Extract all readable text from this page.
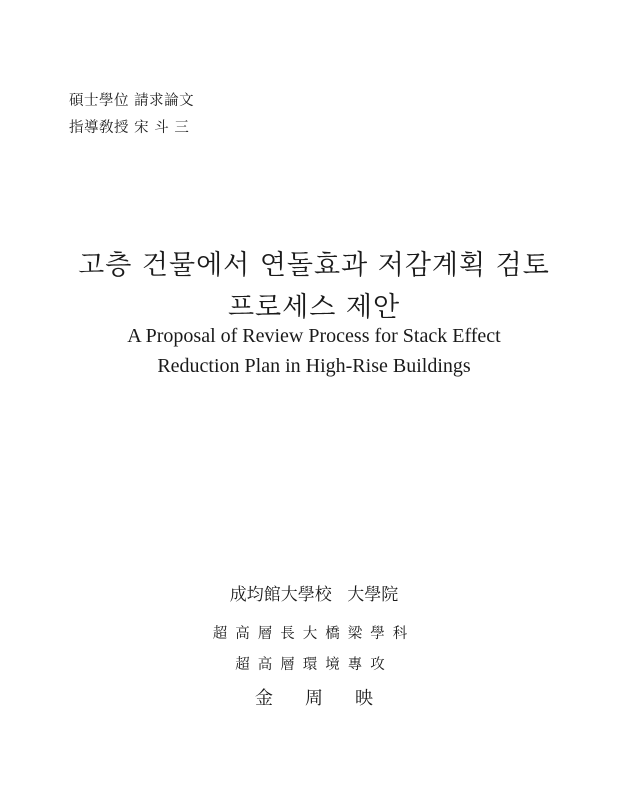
碩士學位 請求論文
指導敎授 宋 斗 三
고층 건물에서 연돌효과 저감계획 검토
프로세스 제안
A Proposal of Review Process for Stack Effect
Reduction Plan in High-Rise Buildings
成均館大學校 大學院
超高層長大橋梁學科
超高層環境專攻
金周映
